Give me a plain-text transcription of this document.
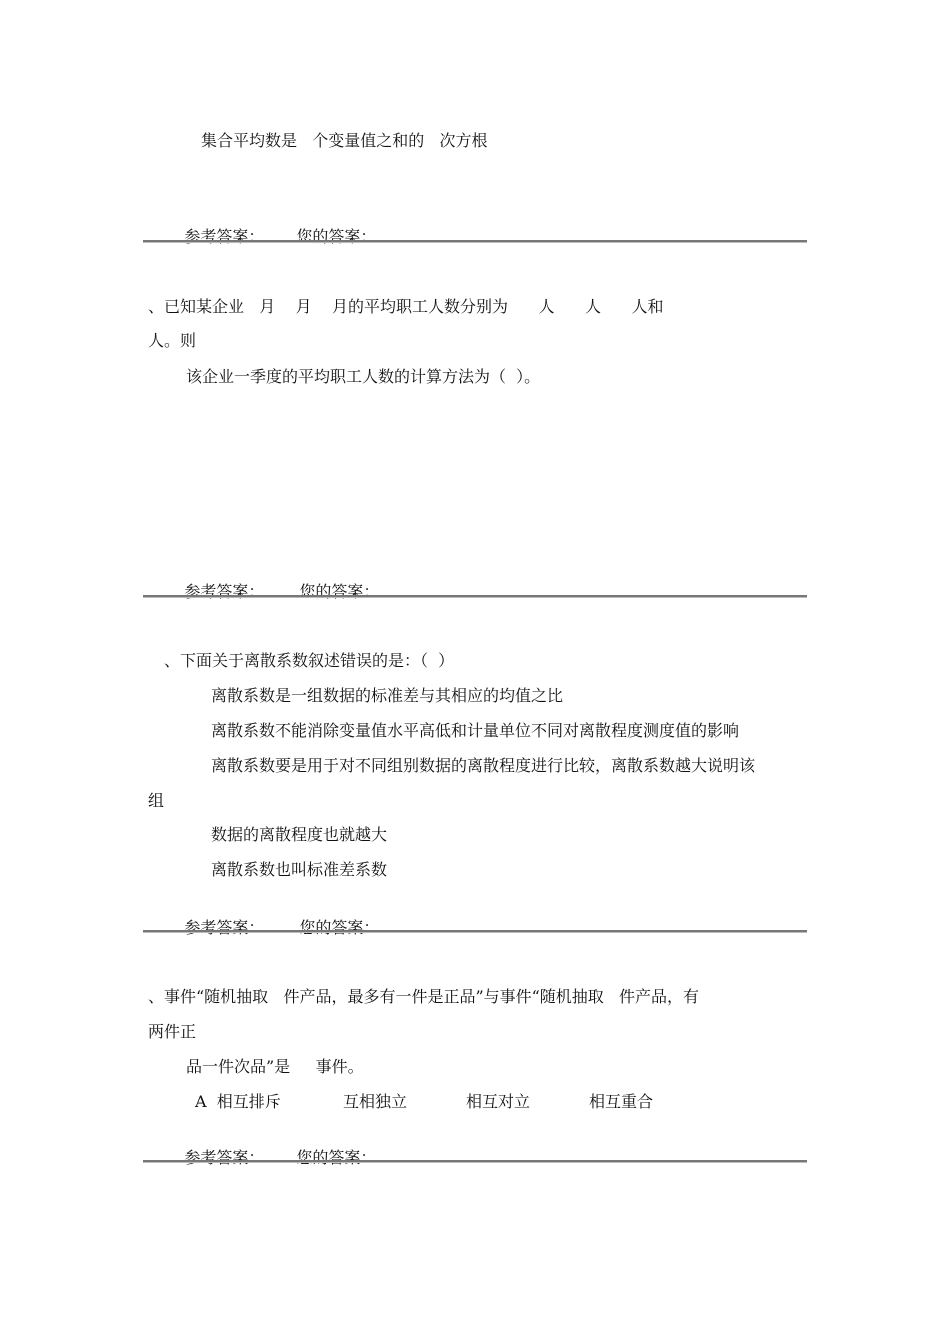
集合平均数是   个变量值之和的   次方根

参考答案： 您的答案：

、已知某企业   月    月    月的平均职工人数分别为      人      人      人和
人。则
该企业一季度的平均职工人数的计算方法为（  ）。

参考答案： 您的答案：

、下面关于离散系数叙述错误的是：（  ）
离散系数是一组数据的标准差与其相应的均值之比
离散系数不能消除变量值水平高低和计量单位不同对离散程度测度值的影响
离散系数要是用于对不同组别数据的离散程度进行比较，离散系数越大说明该
组
数据的离散程度也就越大
离散系数也叫标准差系数

参考答案： 您的答案：

、事件“随机抽取   件产品，最多有一件是正品”与事件“随机抽取   件产品，有
两件正
品一件次品”是     事件。
A  相互排斥	互相独立	相互对立	相互重合

参考答案： 您的答案：
